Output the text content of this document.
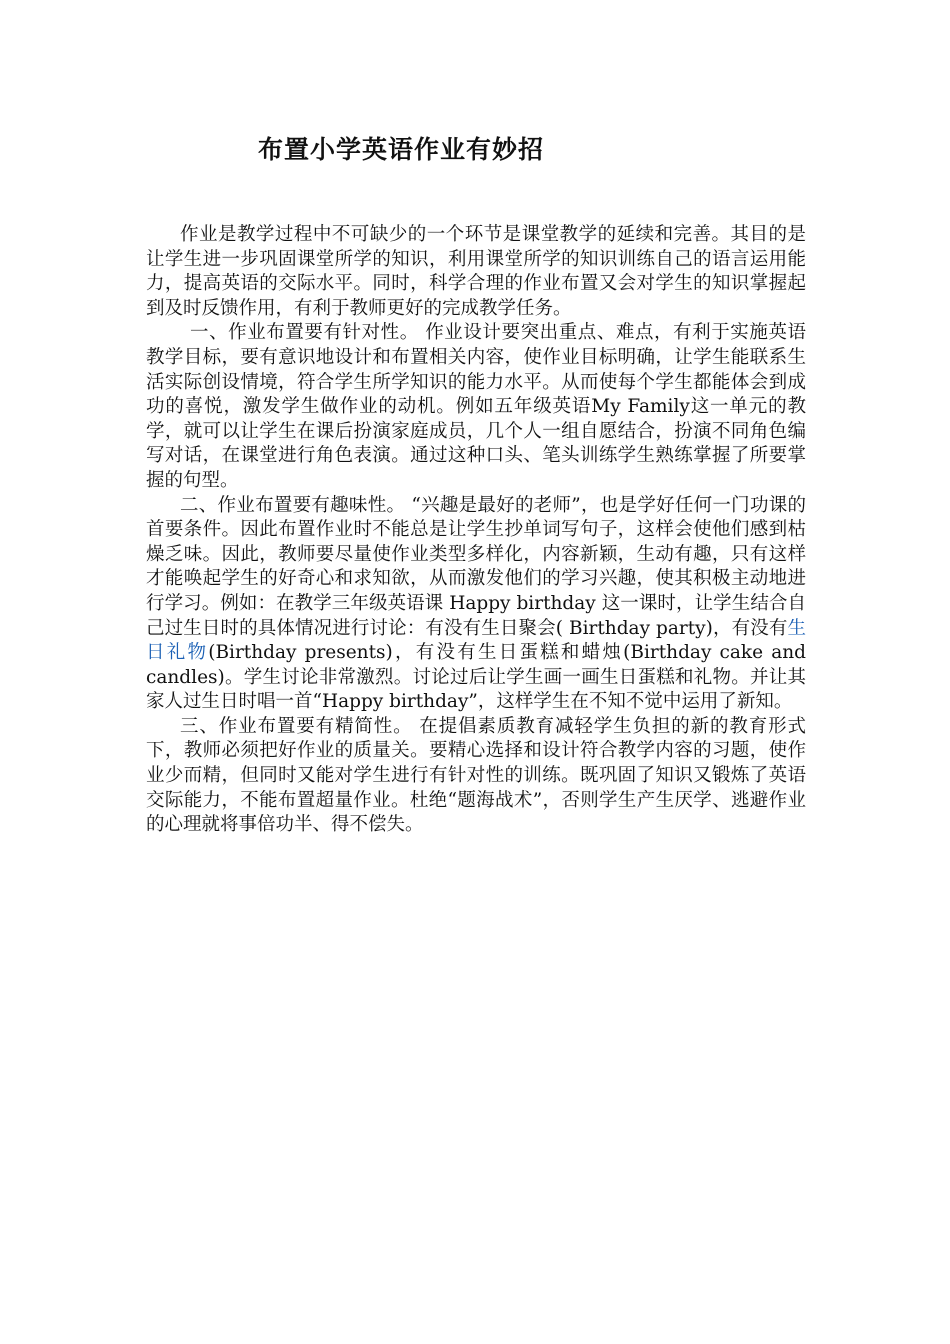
布置小学英语作业有妙招

作业是教学过程中不可缺少的一个环节是课堂教学的延续和完善。其目的是让学生进一步巩固课堂所学的知识，利用课堂所学的知识训练自己的语言运用能力，提高英语的交际水平。同时，科学合理的作业布置又会对学生的知识掌握起到及时反馈作用，有利于教师更好的完成教学任务。

一、作业布置要有针对性。 作业设计要突出重点、难点，有利于实施英语教学目标，要有意识地设计和布置相关内容，使作业目标明确，让学生能联系生活实际创设情境，符合学生所学知识的能力水平。从而使每个学生都能体会到成功的喜悦，激发学生做作业的动机。例如五年级英语My Family这一单元的教学，就可以让学生在课后扮演家庭成员，几个人一组自愿结合，扮演不同角色编写对话，在课堂进行角色表演。通过这种口头、笔头训练学生熟练掌握了所要掌握的句型。

二、作业布置要有趣味性。 “兴趣是最好的老师”，也是学好任何一门功课的首要条件。因此布置作业时不能总是让学生抄单词写句子，这样会使他们感到枯燥乏味。因此，教师要尽量使作业类型多样化，内容新颖，生动有趣，只有这样才能唤起学生的好奇心和求知欲，从而激发他们的学习兴趣，使其积极主动地进行学习。例如：在教学三年级英语课 Happy birthday 这一课时，让学生结合自己过生日时的具体情况进行讨论：有没有生日聚会( Birthday party)，有没有生日礼物(Birthday presents)，有没有生日蛋糕和蜡烛(Birthday cake and candles)。学生讨论非常激烈。讨论过后让学生画一画生日蛋糕和礼物。并让其家人过生日时唱一首“Happy birthday”，这样学生在不知不觉中运用了新知。

三、作业布置要有精简性。 在提倡素质教育减轻学生负担的新的教育形式下，教师必须把好作业的质量关。要精心选择和设计符合教学内容的习题，使作业少而精，但同时又能对学生进行有针对性的训练。既巩固了知识又锻炼了英语交际能力，不能布置超量作业。杜绝“题海战术”，否则学生产生厌学、逃避作业的心理就将事倍功半、得不偿失。
